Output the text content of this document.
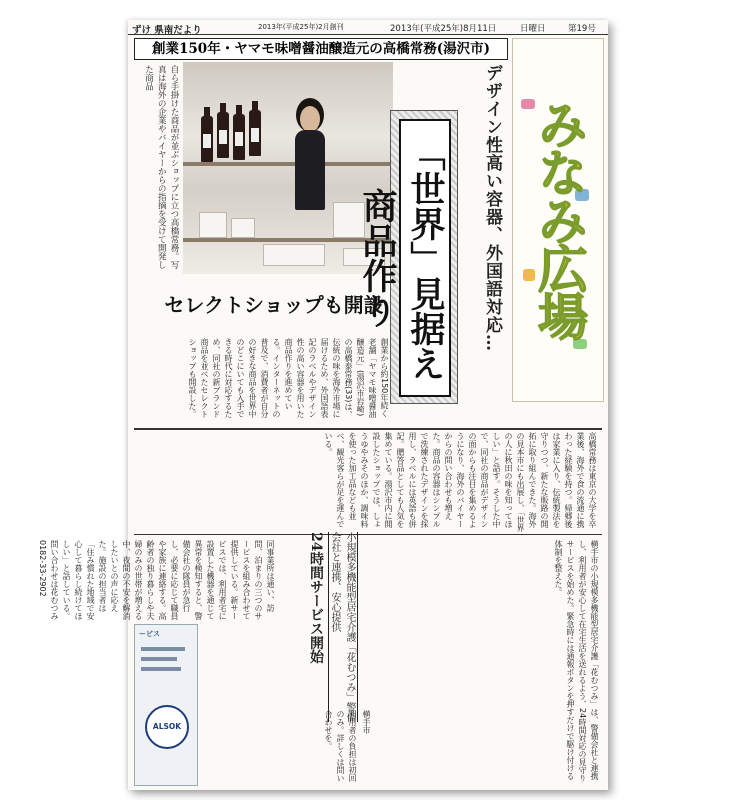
ずけ 県南だより	2013年(平成25年)2月創刊	2013年(平成25年)8月11日	日曜日	第19号
創業150年・ヤマモ味噌醤油醸造元の高橋常務(湯沢市)
自ら手掛けた商品が並ぶショップに立つ高橋常務。写真は海外の企業やバイヤーからの指摘を受けて開発した商品
「世界」見据え商品作り	デザイン性高い容器、外国語対応…
セレクトショップも開設
創業から約150年続く老舗「ヤマモ味噌醤油醸造元」(湯沢市岩崎)の高橋泰常務(33)は、伝統の味を海外市場に届けるため、外国語表記のラベルやデザイン性の高い容器を用いた商品作りを進めている。インターネットの普及で、消費者が自分の好きな商品を世界中のどこにいても入手できる時代に対応するため、同社の新ブランド商品を並べたセレクトショップも開設した。
みなみ広場
高橋常務は東京の大学を卒業後、海外で食の流通に携わった経験を持つ。帰郷後は家業に入り、伝統製法を守りつつ、新たな販路の開拓に取り組んできた。海外の見本市にも出展し、「世界の人に秋田の味を知ってほしい」と話す。そうした中で、同社の商品がデザインの面からも注目を集めるようになり、海外のバイヤーからの問い合わせも増えた。商品の容器はシンプルで洗練されたデザインを採用し、ラベルには英語も併記。贈答品としても人気を集めている。湯沢市内に開設したショップでは、しょうゆやみそのほか、調味料を使った加工品なども並べ、観光客らが足を運んでいる。
24時間サービス開始	小規模多機能型居宅介護「花むつみ」警備会社と連携、安心提供	横手市の小規模多機能型居宅介護「花むつみ」は、警備会社と連携し、利用者が安心して在宅生活を送れるよう、24時間対応の見守りサービスを始めた。緊急時には通報ボタンを押すだけで駆け付ける体制を整えた。
同事業所は通い、訪問、泊まりの三つのサービスを組み合わせて提供している。新サービスでは、利用者宅に設置した機器を通じて異常を検知すると、警備会社の隊員が急行し、必要に応じて職員や家族に連絡する。高齢者の独り暮らしや夫婦のみの世帯が増える中、夜間の不安を解消したいとの声に応えた。施設の担当者は「住み慣れた地域で安心して暮らし続けてほしい」と話している。問い合わせは花むつみ0182-33-2902
ービス
ALSOK	利用者の負担は初回のみ。詳しくは問い合わせを。	横手市
